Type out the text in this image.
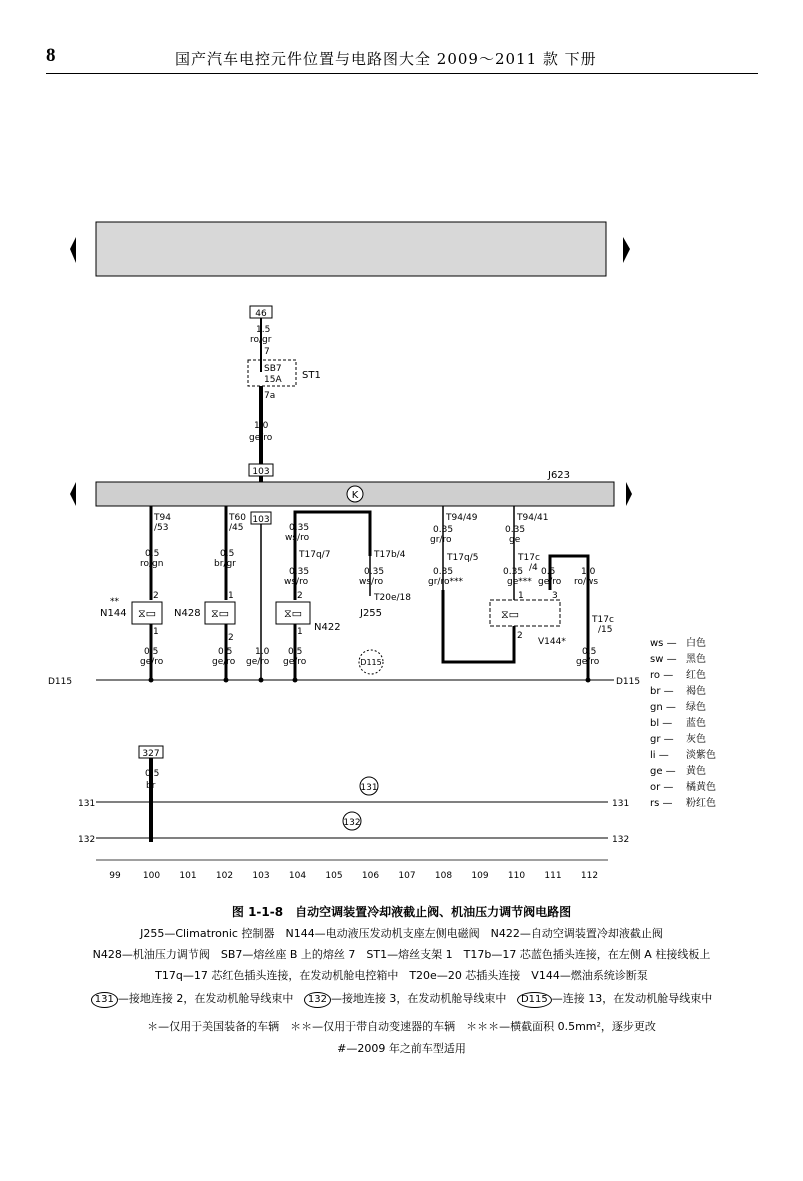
8	国产汽车电控元件位置与电路图大全 2009～2011 款 下册
46
1.5
ro/gr
7
SB7
15A ST1
7a
1.0
ge/ro
103	J623
K
T94
/53
0.5
ro/gn
**
N144
2
⧖▭
1
0.5
ge/ro
T60
/45
0.5
br/gr
N428
1
⧖▭
2
0.5
ge/ro
103
1.0
ge/ro
0.35
ws/ro
T17q/7
0.35
ws/ro
2
⧖▭
N422
1
0.5
ge/ro
T17b/4
0.35
ws/ro
T20e/18
J255
D115
T94/49
0.35
gr/ro
T17q/5
0.35
gr/ro***
T94/41
0.35
ge
T17c
/4
0.35
ge***
0.5
ge/ro
1.0
ro/ws
⧖▭
1	3
2
V144*
T17c
/15
0.5
ge/ro
D115	D115
327
0.5
br
131	131
131
132	132
132
99 100 101 102 103 104 105 106 107 108 109 110 111 112
ws — 白色
sw — 黑色
ro — 红色
br — 褐色
gn — 绿色
bl — 蓝色
gr — 灰色
li — 淡紫色
ge — 黄色
or — 橘黄色
rs — 粉红色
图 1-1-8　自动空调装置冷却液截止阀、机油压力调节阀电路图
J255—Climatronic 控制器　N144—电动液压发动机支座左侧电磁阀　N422—自动空调装置冷却液截止阀
N428—机油压力调节阀　SB7—熔丝座 B 上的熔丝 7　ST1—熔丝支架 1　T17b—17 芯蓝色插头连接，在左侧 A 柱接线板上
T17q—17 芯红色插头连接，在发动机舱电控箱中　T20e—20 芯插头连接　V144—燃油系统诊断泵
131 —接地连接 2，在发动机舱导线束中 132 —接地连接 3，在发动机舱导线束中 D115 —连接 13，在发动机舱导线束中
＊—仅用于美国装备的车辆　＊＊—仅用于带自动变速器的车辆　＊＊＊—横截面积 0.5mm²，逐步更改
#—2009 年之前车型适用
